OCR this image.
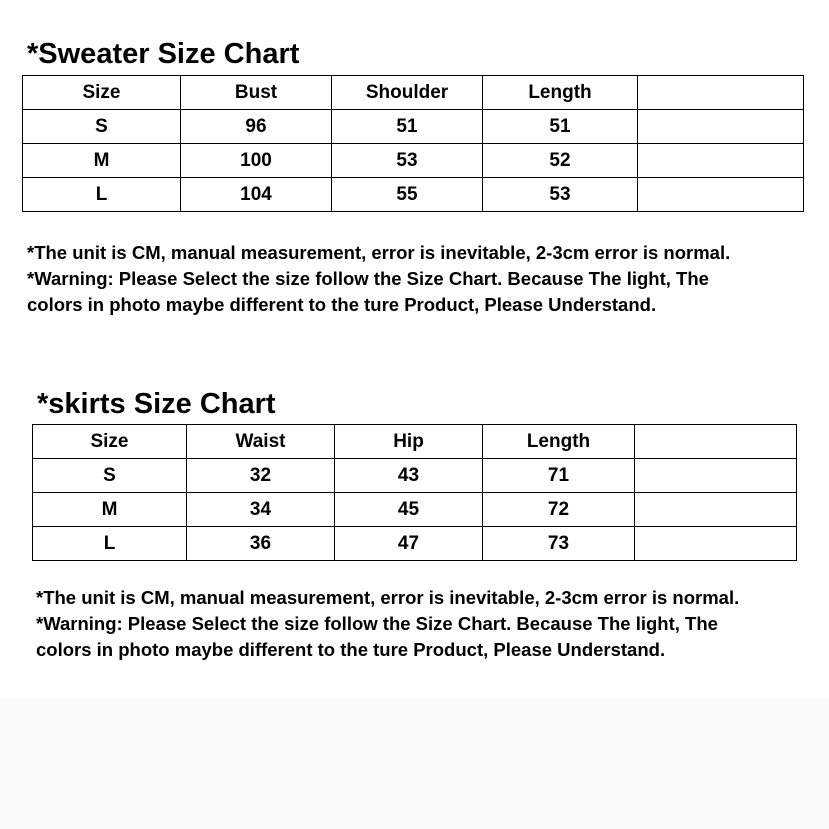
*Sweater Size Chart
Size	Bust	Shoulder	Length	
S	96	51	51	
M	100	53	52	
L	104	55	53	
*The unit is CM, manual measurement, error is inevitable, 2-3cm error is normal.
*Warning: Please Select the size follow the Size Chart. Because The light, The
colors in photo maybe different to the ture Product, Please Understand.
*skirts Size Chart
Size	Waist	Hip	Length	
S	32	43	71	
M	34	45	72	
L	36	47	73	
*The unit is CM, manual measurement, error is inevitable, 2-3cm error is normal.
*Warning: Please Select the size follow the Size Chart. Because The light, The
colors in photo maybe different to the ture Product, Please Understand.
